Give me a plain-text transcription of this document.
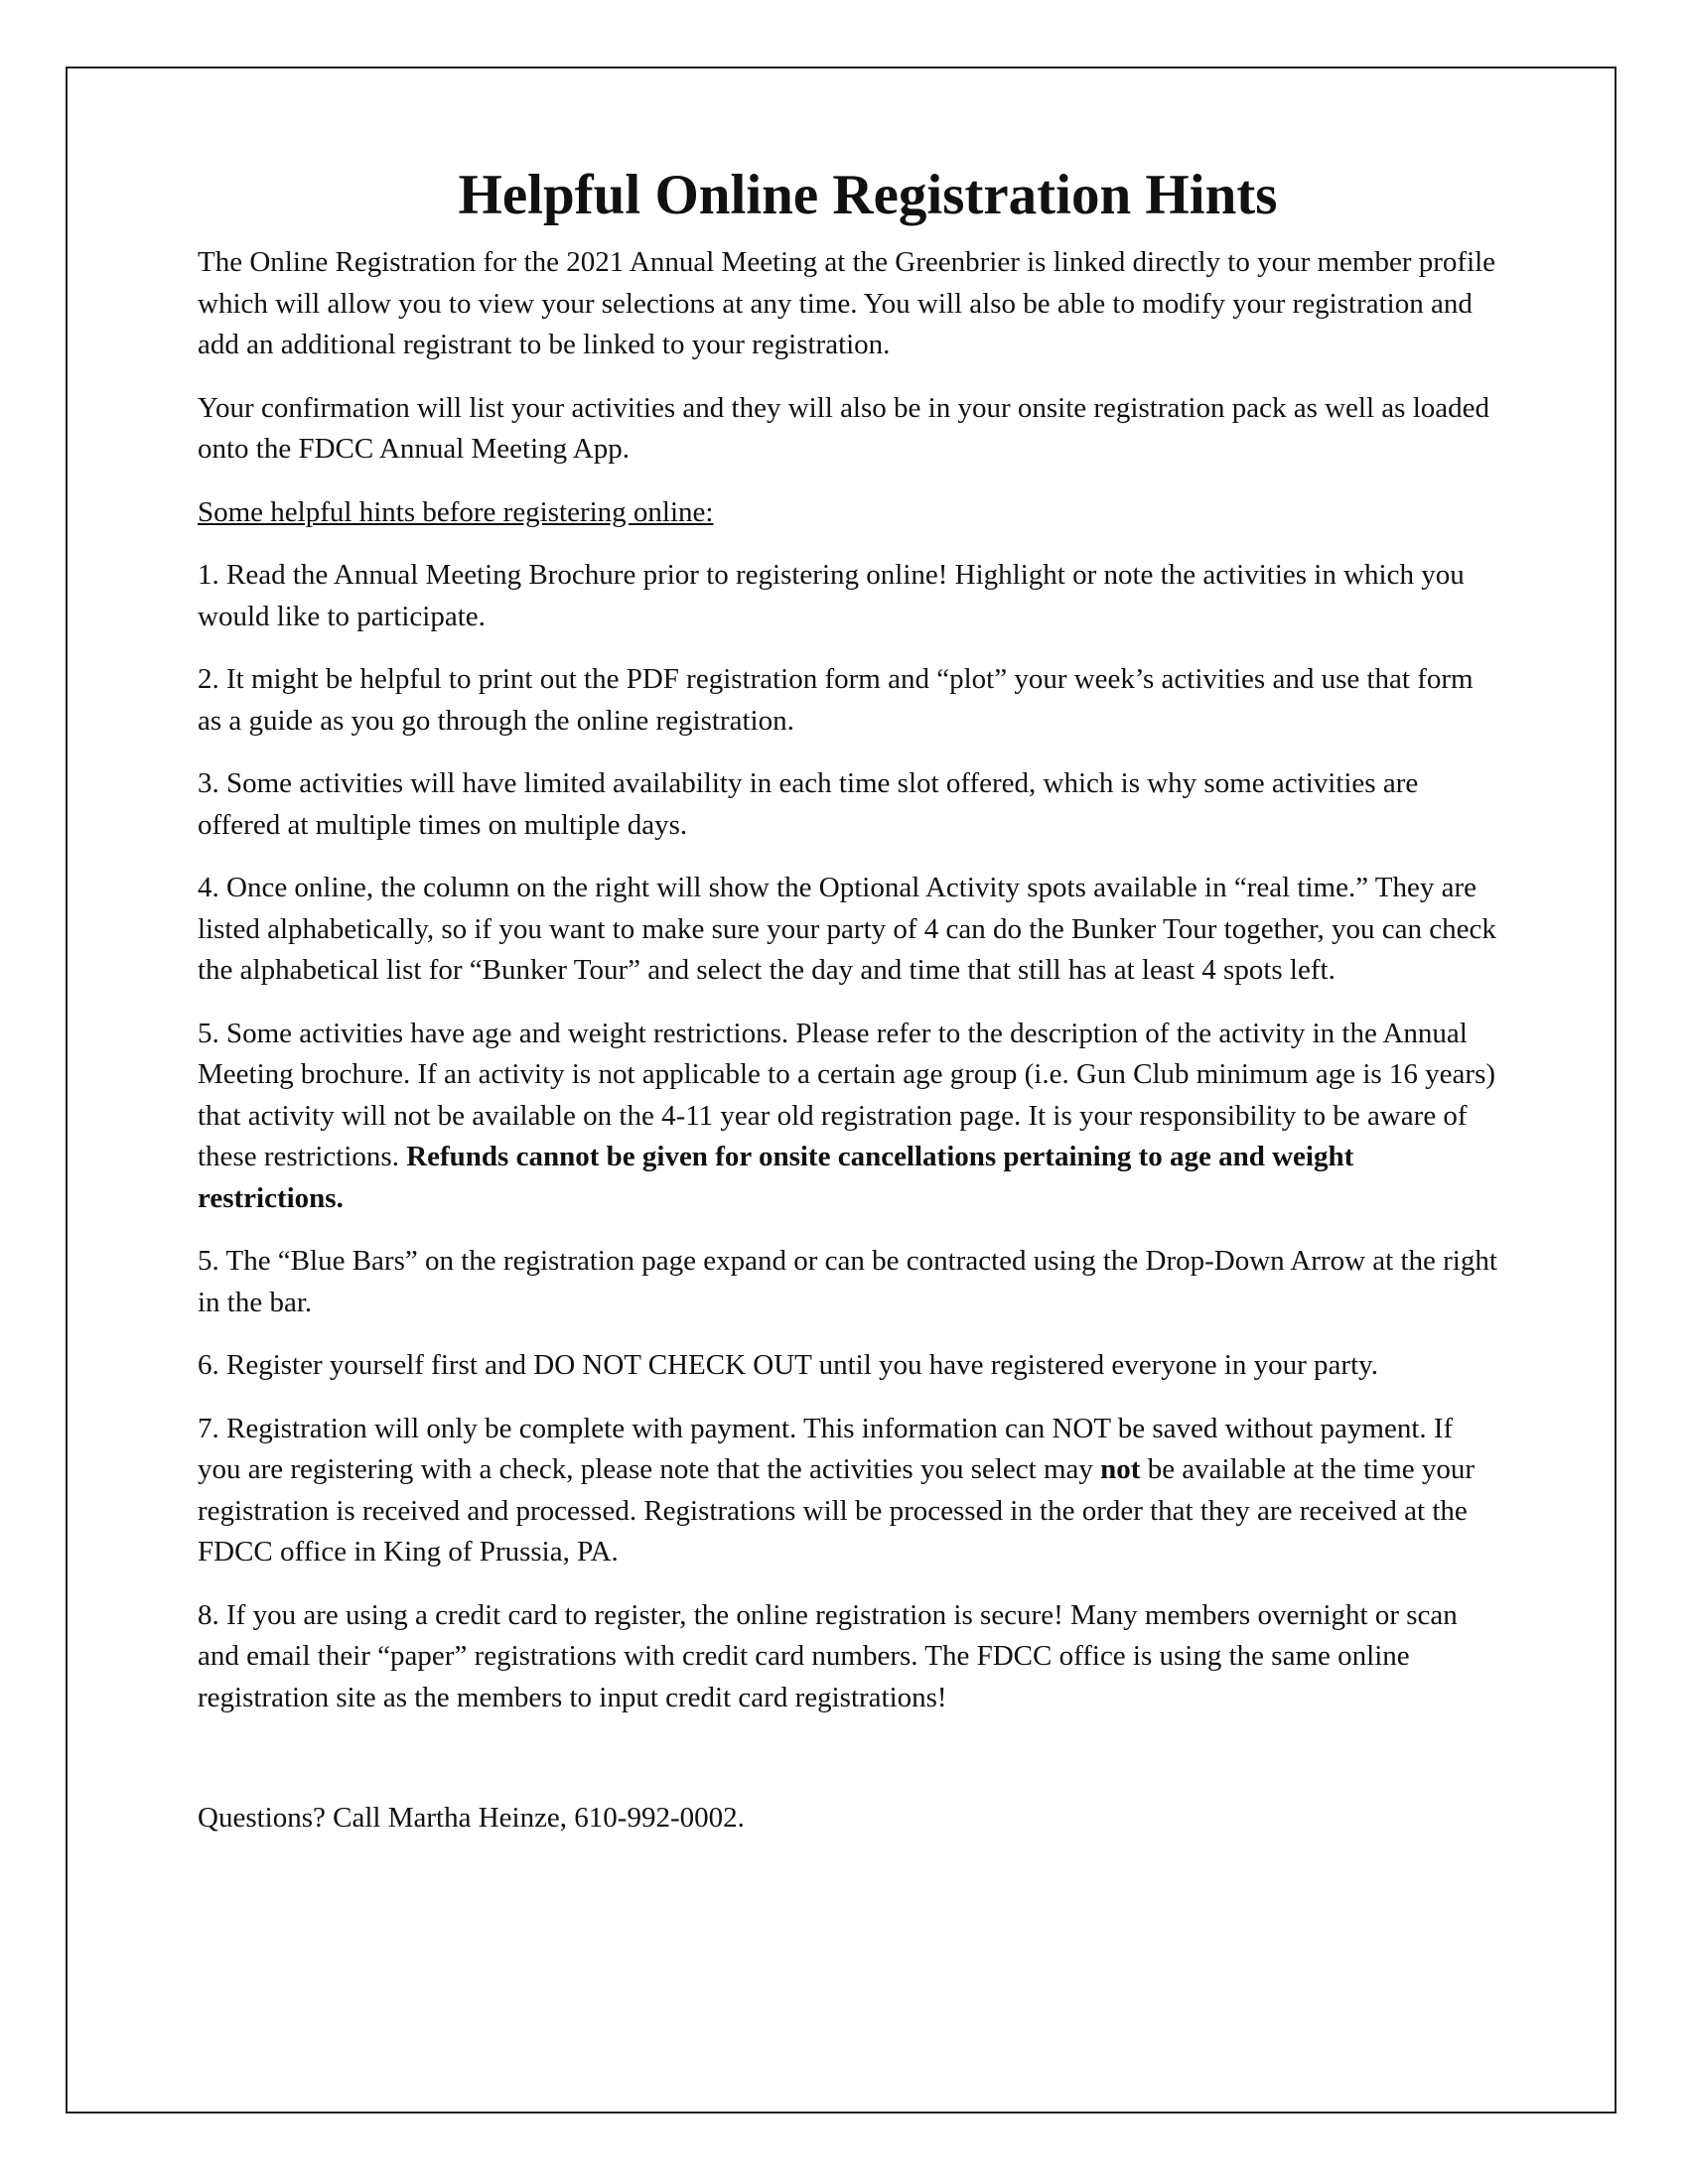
Helpful Online Registration Hints

The Online Registration for the 2021 Annual Meeting at the Greenbrier is linked directly to your member profile which will allow you to view your selections at any time. You will also be able to modify your registration and add an additional registrant to be linked to your registration.

Your confirmation will list your activities and they will also be in your onsite registration pack as well as loaded onto the FDCC Annual Meeting App.

Some helpful hints before registering online:

1. Read the Annual Meeting Brochure prior to registering online! Highlight or note the activities in which you would like to participate.

2. It might be helpful to print out the PDF registration form and “plot” your week’s activities and use that form as a guide as you go through the online registration.

3. Some activities will have limited availability in each time slot offered, which is why some activities are offered at multiple times on multiple days.

4. Once online, the column on the right will show the Optional Activity spots available in “real time.” They are listed alphabetically, so if you want to make sure your party of 4 can do the Bunker Tour together, you can check the alphabetical list for “Bunker Tour” and select the day and time that still has at least 4 spots left.

5. Some activities have age and weight restrictions. Please refer to the description of the activity in the Annual Meeting brochure. If an activity is not applicable to a certain age group (i.e. Gun Club minimum age is 16 years) that activity will not be available on the 4-11 year old registration page. It is your responsibility to be aware of these restrictions. Refunds cannot be given for onsite cancellations pertaining to age and weight restrictions.

5. The “Blue Bars” on the registration page expand or can be contracted using the Drop-Down Arrow at the right in the bar.

6. Register yourself first and DO NOT CHECK OUT until you have registered everyone in your party.

7. Registration will only be complete with payment. This information can NOT be saved without payment. If you are registering with a check, please note that the activities you select may not be available at the time your registration is received and processed. Registrations will be processed in the order that they are received at the FDCC office in King of Prussia, PA.

8. If you are using a credit card to register, the online registration is secure! Many members overnight or scan and email their “paper” registrations with credit card numbers. The FDCC office is using the same online registration site as the members to input credit card registrations!

Questions? Call Martha Heinze, 610-992-0002.
